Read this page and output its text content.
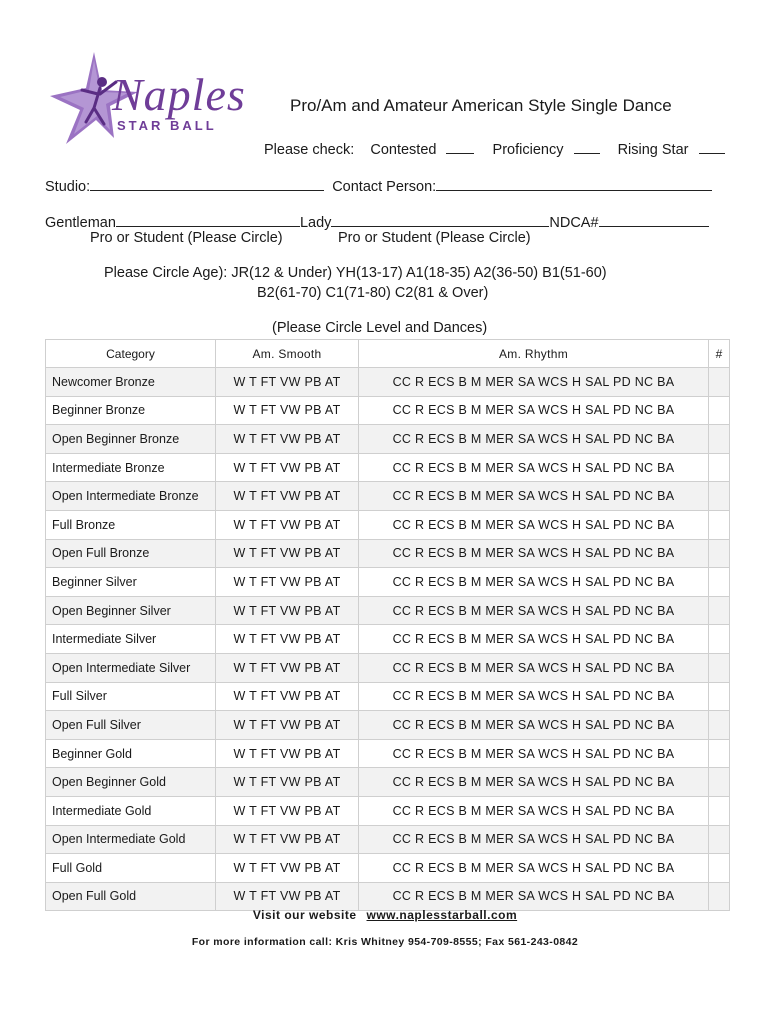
Naples
STAR BALL
Pro/Am and Amateur American Style Single Dance
Please check: Contested	Proficiency	Rising Star
Studio:	Contact Person:
Gentleman	Lady	NDCA#
Pro or Student (Please Circle)	Pro or Student (Please Circle)
Please Circle Age): JR(12 & Under) YH(13-17) A1(18-35) A2(36-50) B1(51-60)
B2(61-70) C1(71-80) C2(81 & Over)
(Please Circle Level and Dances)
Category	Am. Smooth	Am. Rhythm	#
Newcomer Bronze	W T FT VW PB AT	CC R ECS B M MER SA WCS H SAL PD NC BA	
Beginner Bronze	W T FT VW PB AT	CC R ECS B M MER SA WCS H SAL PD NC BA	
Open Beginner Bronze	W T FT VW PB AT	CC R ECS B M MER SA WCS H SAL PD NC BA	
Intermediate Bronze	W T FT VW PB AT	CC R ECS B M MER SA WCS H SAL PD NC BA	
Open Intermediate Bronze	W T FT VW PB AT	CC R ECS B M MER SA WCS H SAL PD NC BA	
Full Bronze	W T FT VW PB AT	CC R ECS B M MER SA WCS H SAL PD NC BA	
Open Full Bronze	W T FT VW PB AT	CC R ECS B M MER SA WCS H SAL PD NC BA	
Beginner Silver	W T FT VW PB AT	CC R ECS B M MER SA WCS H SAL PD NC BA	
Open Beginner Silver	W T FT VW PB AT	CC R ECS B M MER SA WCS H SAL PD NC BA	
Intermediate Silver	W T FT VW PB AT	CC R ECS B M MER SA WCS H SAL PD NC BA	
Open Intermediate Silver	W T FT VW PB AT	CC R ECS B M MER SA WCS H SAL PD NC BA	
Full Silver	W T FT VW PB AT	CC R ECS B M MER SA WCS H SAL PD NC BA	
Open Full Silver	W T FT VW PB AT	CC R ECS B M MER SA WCS H SAL PD NC BA	
Beginner Gold	W T FT VW PB AT	CC R ECS B M MER SA WCS H SAL PD NC BA	
Open Beginner Gold	W T FT VW PB AT	CC R ECS B M MER SA WCS H SAL PD NC BA	
Intermediate Gold	W T FT VW PB AT	CC R ECS B M MER SA WCS H SAL PD NC BA	
Open Intermediate Gold	W T FT VW PB AT	CC R ECS B M MER SA WCS H SAL PD NC BA	
Full Gold	W T FT VW PB AT	CC R ECS B M MER SA WCS H SAL PD NC BA	
Open Full Gold	W T FT VW PB AT	CC R ECS B M MER SA WCS H SAL PD NC BA	
Visit our website www.naplesstarball.com
For more information call: Kris Whitney 954-709-8555; Fax 561-243-0842
